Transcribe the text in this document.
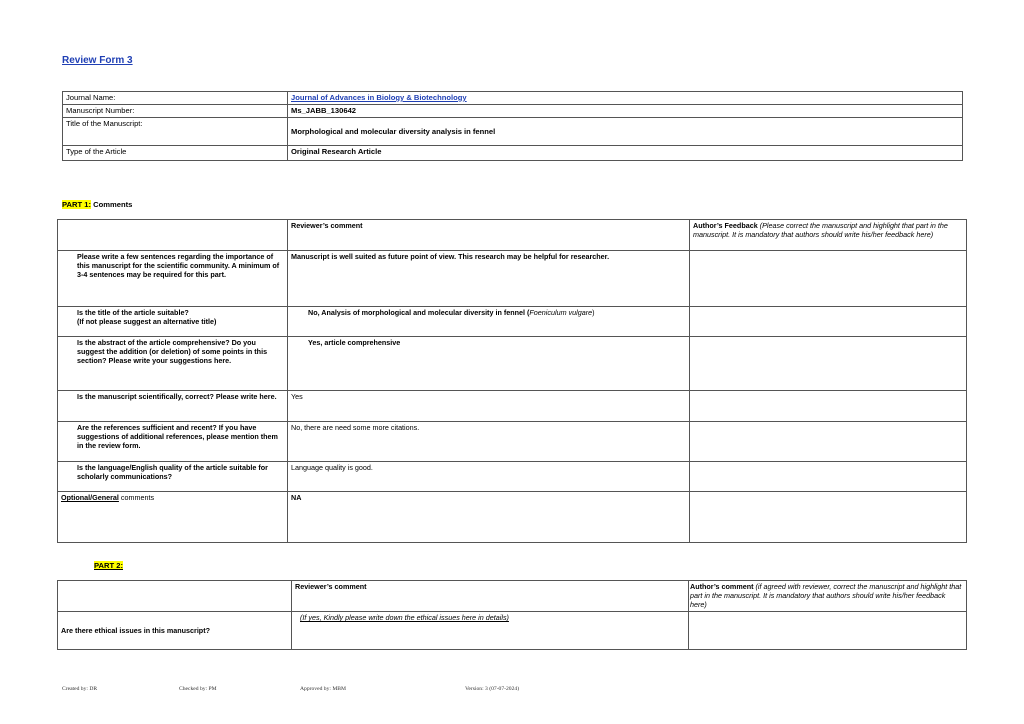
Review Form 3
Journal Name:	Journal of Advances in Biology & Biotechnology
Manuscript Number:	Ms_JABB_130642
Title of the Manuscript:	Morphological and molecular diversity analysis in fennel
Type of the Article	Original Research Article
PART 1: Comments
	Reviewer’s comment	Author’s Feedback (Please correct the manuscript and highlight that part in the manuscript. It is mandatory that authors should write his/her feedback here)
Please write a few sentences regarding the importance of this manuscript for the scientific community. A minimum of 3-4 sentences may be required for this part.	Manuscript is well suited as future point of view. This research may be helpful for researcher.	
Is the title of the article suitable?
(If not please suggest an alternative title)	No, Analysis of morphological and molecular diversity in fennel (Foeniculum vulgare)	
Is the abstract of the article comprehensive? Do you suggest the addition (or deletion) of some points in this section? Please write your suggestions here.	Yes, article comprehensive	
Is the manuscript scientifically, correct? Please write here.	Yes	
Are the references sufficient and recent? If you have suggestions of additional references, please mention them in the review form.	No, there are need some more citations.	
Is the language/English quality of the article suitable for scholarly communications?	Language quality is good.	
Optional/General comments	NA	
PART 2:
	Reviewer’s comment	Author’s comment (if agreed with reviewer, correct the manuscript and highlight that part in the manuscript. It is mandatory that authors should write his/her feedback here)
Are there ethical issues in this manuscript?	(If yes, Kindly please write down the ethical issues here in details)	
Created by: DR	Checked by: PM	Approved by: MBM	Version: 3 (07-07-2024)
